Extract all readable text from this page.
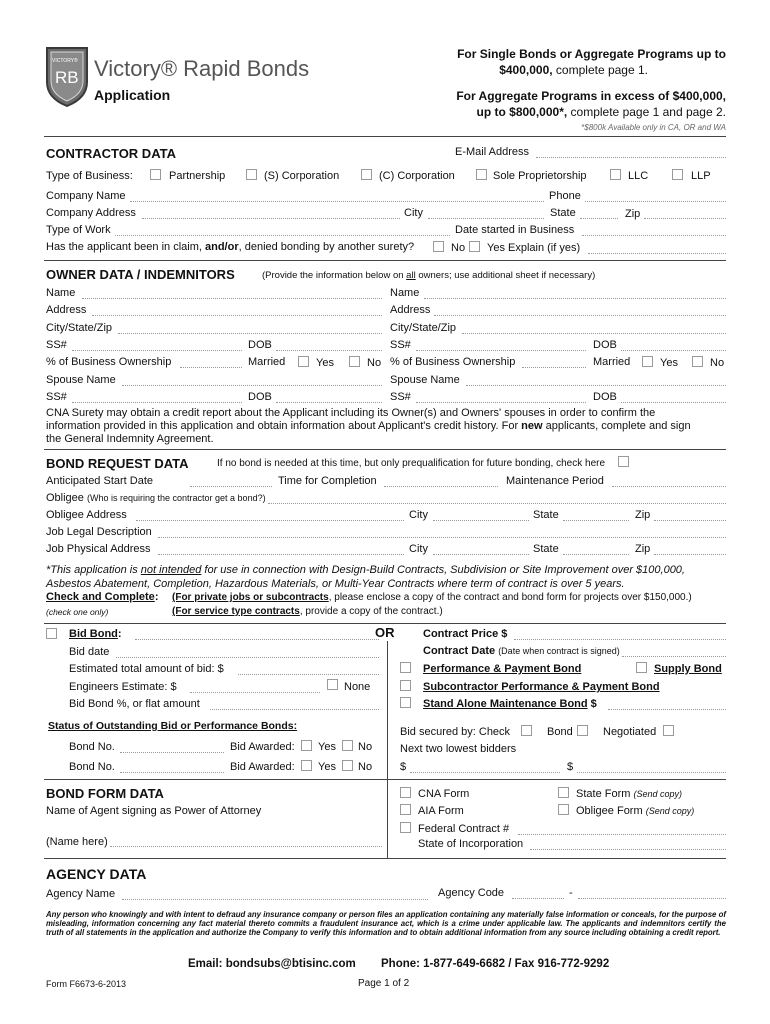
VICTORY®
RB Victory® Rapid Bonds
Application
For Single Bonds or Aggregate Programs up to
$400,000, complete page 1.
For Aggregate Programs in excess of $400,000,
up to $800,000*, complete page 1 and page 2.
*$800k Available only in CA, OR and WA
CONTRACTOR DATA	E-Mail Address
Type of Business:	Partnership	(S) Corporation	(C) Corporation	Sole Proprietorship	LLC	LLP
Company Name	Phone
Company Address	City	State	Zip
Type of Work	Date started in Business
Has the applicant been in claim, and/or, denied bonding by another surety?	No Yes Explain (if yes)
OWNER DATA / INDEMNITORS	(Provide the information below on all owners; use additional sheet if necessary)
Name
Address
City/State/Zip
SS#	DOB
% of Business Ownership	Married	Yes	No
Spouse Name
SS#	DOB
Name
Address
City/State/Zip
SS#	DOB
% of Business Ownership	Married	Yes	No
Spouse Name
SS#	DOB
CNA Surety may obtain a credit report about the Applicant including its Owner(s) and Owners' spouses in order to confirm the
information provided in this application and obtain information about Applicant's credit history. For new applicants, complete and sign
the General Indemnity Agreement.
BOND REQUEST DATA	If no bond is needed at this time, but only prequalification for future bonding, check here
Anticipated Start Date	Time for Completion	Maintenance Period
Obligee (Who is requiring the contractor get a bond?)
Obligee Address	City	State	Zip
Job Legal Description
Job Physical Address	City	State	Zip
*This application is not intended for use in connection with Design-Build Contracts, Subdivision or Site Improvement over $100,000,
Asbestos Abatement, Completion, Hazardous Materials, or Multi-Year Contracts where term of contract is over 5 years.
Check and Complete: (For private jobs or subcontracts, please enclose a copy of the contract and bond form for projects over $150,000.)
(check one only)	(For service type contracts, provide a copy of the contract.)
OR
Bid Bond:
Bid date
Estimated total amount of bid: $
Engineers Estimate: $	None
Bid Bond %, or flat amount
Status of Outstanding Bid or Performance Bonds:
Bond No.	Bid Awarded: Yes No
Bond No.	Bid Awarded: Yes No
Contract Price $
Contract Date (Date when contract is signed)
Performance & Payment Bond	Supply Bond
Subcontractor Performance & Payment Bond
Stand Alone Maintenance Bond $
Bid secured by: Check	Bond	Negotiated
Next two lowest bidders
$	$
BOND FORM DATA
Name of Agent signing as Power of Attorney
(Name here)
CNA Form	State Form (Send copy)
AIA Form	Obligee Form (Send copy)
Federal Contract #
State of Incorporation
AGENCY DATA
Agency Name	Agency Code	-
Any person who knowingly and with intent to defraud any insurance company or person files an application containing any materially false information or conceals, for the purpose of misleading, information concerning any fact material thereto commits a fraudulent insurance act, which is a crime under applicable law. The applicants and indemnitors certify the truth of all statements in the application and authorize the Company to verify this information and to obtain additional information from any source including obtaining a credit report.
Email: bondsubs@btisinc.com Phone: 1-877-649-6682 / Fax 916-772-9292
Form F6673-6-2013	Page 1 of 2
